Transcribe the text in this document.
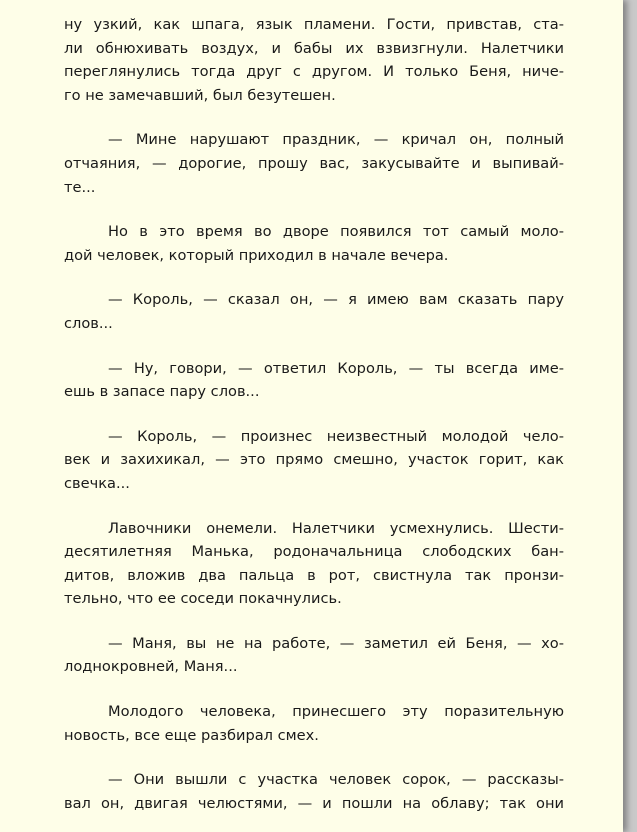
ну узкий, как шпага, язык пламени. Гости, привстав, ста-
ли обнюхивать воздух, и бабы их взвизгнули. Налетчики
переглянулись тогда друг с другом. И только Беня, ниче-
го не замечавший, был безутешен.
— Мине нарушают праздник, — кричал он, полный
отчаяния, — дорогие, прошу вас, закусывайте и выпивай-
те...
Но в это время во дворе появился тот самый моло-
дой человек, который приходил в начале вечера.
— Король, — сказал он, — я имею вам сказать пару
слов...
— Ну, говори, — ответил Король, — ты всегда име-
ешь в запасе пару слов...
— Король, — произнес неизвестный молодой чело-
век и захихикал, — это прямо смешно, участок горит, как
свечка...
Лавочники онемели. Налетчики усмехнулись. Шести-
десятилетняя Манька, родоначальница слободских бан-
дитов, вложив два пальца в рот, свистнула так пронзи-
тельно, что ее соседи покачнулись.
— Маня, вы не на работе, — заметил ей Беня, — хо-
лоднокровней, Маня...
Молодого человека, принесшего эту поразительную
новость, все еще разбирал смех.
— Они вышли с участка человек сорок, — рассказы-
вал он, двигая челюстями, — и пошли на облаву; так они
